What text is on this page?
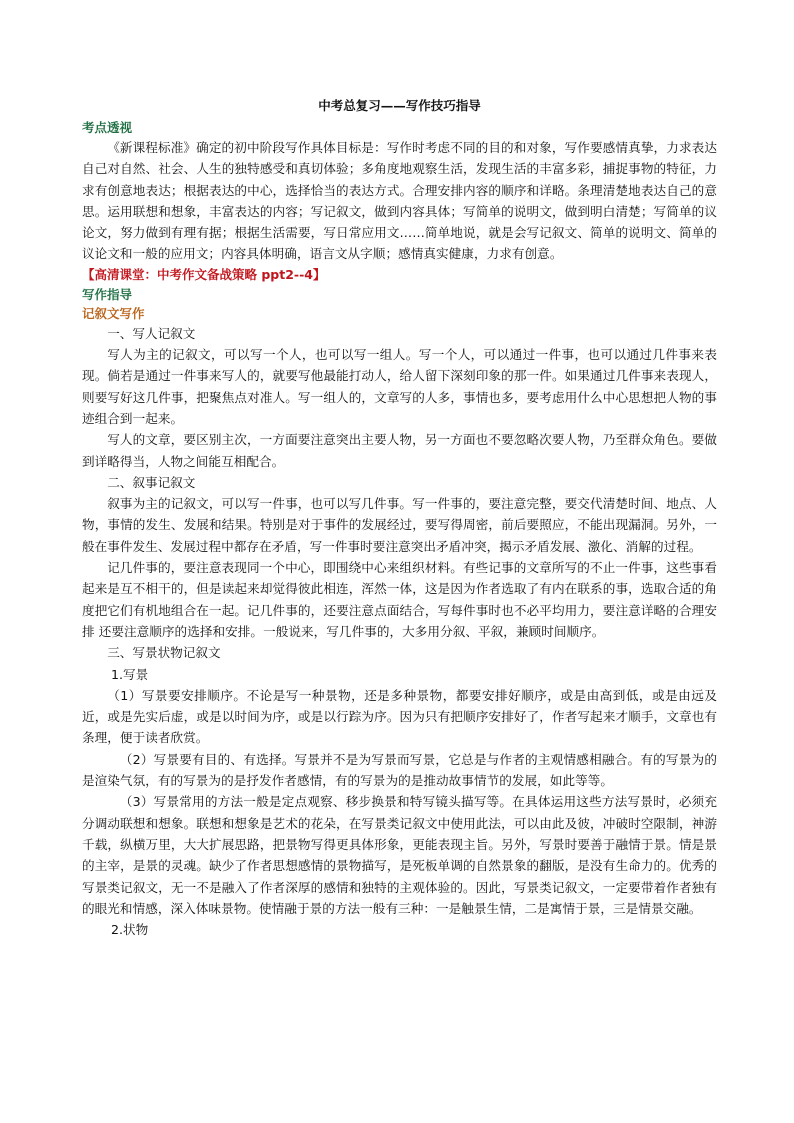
中考总复习——写作技巧指导

考点透视

《新课程标准》确定的初中阶段写作具体目标是：写作时考虑不同的目的和对象，写作要感情真挚，力求表达自己对自然、社会、人生的独特感受和真切体验；多角度地观察生活，发现生活的丰富多彩，捕捉事物的特征，力求有创意地表达；根据表达的中心，选择恰当的表达方式。合理安排内容的顺序和详略。条理清楚地表达自己的意思。运用联想和想象，丰富表达的内容；写记叙文，做到内容具体；写简单的说明文，做到明白清楚；写简单的议论文，努力做到有理有据；根据生活需要，写日常应用文……简单地说，就是会写记叙文、简单的说明文、简单的议论文和一般的应用文；内容具体明确，语言文从字顺；感情真实健康，力求有创意。

【高清课堂：中考作文备战策略 ppt2--4】

写作指导

记叙文写作

一、写人记叙文

写人为主的记叙文，可以写一个人，也可以写一组人。写一个人，可以通过一件事，也可以通过几件事来表现。倘若是通过一件事来写人的，就要写他最能打动人，给人留下深刻印象的那一件。如果通过几件事来表现人，则要写好这几件事，把聚焦点对准人。写一组人的，文章写的人多，事情也多，要考虑用什么中心思想把人物的事迹组合到一起来。

写人的文章，要区别主次，一方面要注意突出主要人物，另一方面也不要忽略次要人物，乃至群众角色。要做到详略得当，人物之间能互相配合。

二、叙事记叙文

叙事为主的记叙文，可以写一件事，也可以写几件事。写一件事的，要注意完整，要交代清楚时间、地点、人物，事情的发生、发展和结果。特别是对于事件的发展经过，要写得周密，前后要照应，不能出现漏洞。另外，一般在事件发生、发展过程中都存在矛盾，写一件事时要注意突出矛盾冲突，揭示矛盾发展、激化、消解的过程。

记几件事的，要注意表现同一个中心，即围绕中心来组织材料。有些记事的文章所写的不止一件事，这些事看起来是互不相干的，但是读起来却觉得彼此相连，浑然一体，这是因为作者选取了有内在联系的事，选取合适的角度把它们有机地组合在一起。记几件事的，还要注意点面结合，写每件事时也不必平均用力，要注意详略的合理安排 还要注意顺序的选择和安排。一般说来，写几件事的，大多用分叙、平叙，兼顾时间顺序。

三、写景状物记叙文

1.写景

（1）写景要安排顺序。不论是写一种景物，还是多种景物，都要安排好顺序，或是由高到低，或是由远及近，或是先实后虚，或是以时间为序，或是以行踪为序。因为只有把顺序安排好了，作者写起来才顺手，文章也有条理，便于读者欣赏。

（2）写景要有目的、有选择。写景并不是为写景而写景，它总是与作者的主观情感相融合。有的写景为的是渲染气氛，有的写景为的是抒发作者感情，有的写景为的是推动故事情节的发展，如此等等。

（3）写景常用的方法一般是定点观察、移步换景和特写镜头描写等。在具体运用这些方法写景时，必须充分调动联想和想象。联想和想象是艺术的花朵，在写景类记叙文中使用此法，可以由此及彼，冲破时空限制，神游千载，纵横万里，大大扩展思路，把景物写得更具体形象，更能表现主旨。另外，写景时要善于融情于景。情是景的主宰，是景的灵魂。缺少了作者思想感情的景物描写，是死板单调的自然景象的翻版，是没有生命力的。优秀的写景类记叙文，无一不是融入了作者深厚的感情和独特的主观体验的。因此，写景类记叙文，一定要带着作者独有的眼光和情感，深入体味景物。使情融于景的方法一般有三种：一是触景生情，二是寓情于景，三是情景交融。

2.状物
